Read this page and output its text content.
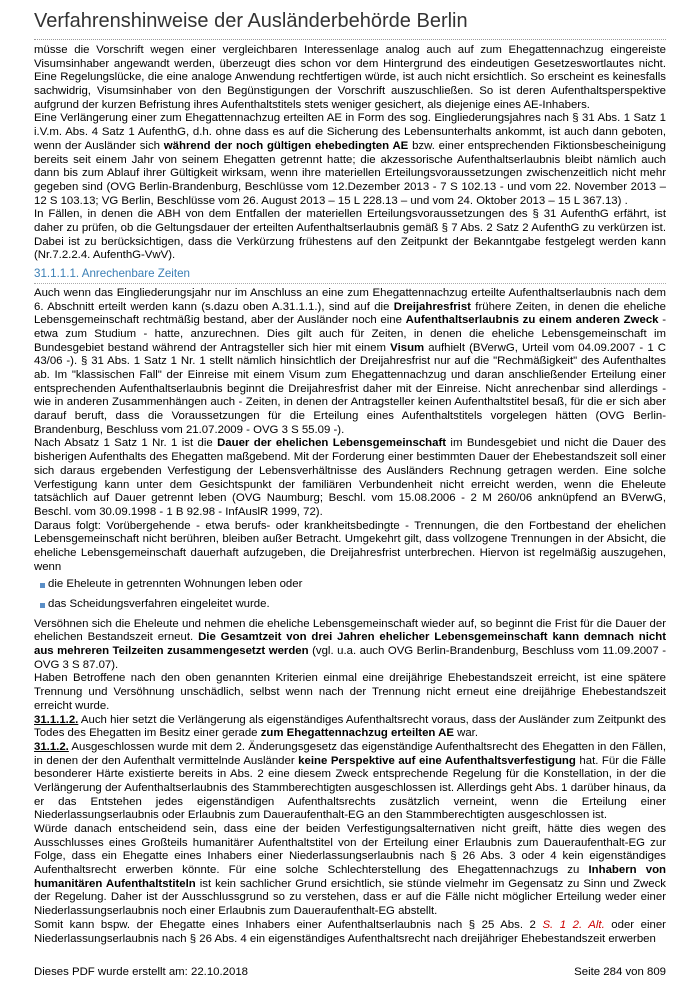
Verfahrenshinweise der Ausländerbehörde Berlin

müsse die Vorschrift wegen einer vergleichbaren Interessenlage analog auch auf zum Ehegattennachzug eingereiste Visumsinhaber angewandt werden, überzeugt dies schon vor dem Hintergrund des eindeutigen Gesetzeswortlautes nicht. Eine Regelungslücke, die eine analoge Anwendung rechtfertigen würde, ist auch nicht ersichtlich. So erscheint es keinesfalls sachwidrig, Visumsinhaber von den Begünstigungen der Vorschrift auszuschließen. So ist deren Aufenthaltsperspektive aufgrund der kurzen Befristung ihres Aufenthaltstitels stets weniger gesichert, als diejenige eines AE-Inhabers.

Eine Verlängerung einer zum Ehegattennachzug erteilten AE in Form des sog. Eingliederungsjahres nach § 31 Abs. 1 Satz 1 i.V.m. Abs. 4 Satz 1 AufenthG, d.h. ohne dass es auf die Sicherung des Lebensunterhalts ankommt, ist auch dann geboten, wenn der Ausländer sich während der noch gültigen ehebedingten AE bzw. einer entsprechenden Fiktionsbescheinigung bereits seit einem Jahr von seinem Ehegatten getrennt hatte; die akzessorische Aufenthaltserlaubnis bleibt nämlich auch dann bis zum Ablauf ihrer Gültigkeit wirksam, wenn ihre materiellen Erteilungsvoraussetzungen zwischenzeitlich nicht mehr gegeben sind (OVG Berlin-Brandenburg, Beschlüsse vom 12.Dezember 2013 - 7 S 102.13 - und vom 22. November 2013 – 12 S 103.13; VG Berlin, Beschlüsse vom 26. August 2013 – 15 L 228.13 – und vom 24. Oktober 2013 – 15 L 367.13) .

In Fällen, in denen die ABH von dem Entfallen der materiellen Erteilungsvoraussetzungen des § 31 AufenthG erfährt, ist daher zu prüfen, ob die Geltungsdauer der erteilten Aufenthaltserlaubnis gemäß § 7 Abs. 2 Satz 2 AufenthG zu verkürzen ist. Dabei ist zu berücksichtigen, dass die Verkürzung frühestens auf den Zeitpunkt der Bekanntgabe festgelegt werden kann (Nr.7.2.2.4. AufenthG-VwV).

31.1.1.1. Anrechenbare Zeiten

Auch wenn das Eingliederungsjahr nur im Anschluss an eine zum Ehegattennachzug erteilte Aufenthaltserlaubnis nach dem 6. Abschnitt erteilt werden kann (s.dazu oben A.31.1.1.), sind auf die Dreijahresfrist frühere Zeiten, in denen die eheliche Lebensgemeinschaft rechtmäßig bestand, aber der Ausländer noch eine Aufenthaltserlaubnis zu einem anderen Zweck - etwa zum Studium - hatte, anzurechnen. Dies gilt auch für Zeiten, in denen die eheliche Lebensgemeinschaft im Bundesgebiet bestand während der Antragsteller sich hier mit einem Visum aufhielt (BVerwG, Urteil vom 04.09.2007 - 1 C 43/06 -). § 31 Abs. 1 Satz 1 Nr. 1 stellt nämlich hinsichtlich der Dreijahresfrist nur auf die "Rechmäßigkeit" des Aufenthaltes ab. Im "klassischen Fall" der Einreise mit einem Visum zum Ehegattennachzug und daran anschließender Erteilung einer entsprechenden Aufenthaltserlaubnis beginnt die Dreijahresfrist daher mit der Einreise. Nicht anrechenbar sind allerdings - wie in anderen Zusammenhängen auch - Zeiten, in denen der Antragsteller keinen Aufenthaltstitel besaß, für die er sich aber darauf beruft, dass die Voraussetzungen für die Erteilung eines Aufenthaltstitels vorgelegen hätten (OVG Berlin-Brandenburg, Beschluss vom 21.07.2009 - OVG 3 S 55.09 -).

Nach Absatz 1 Satz 1 Nr. 1 ist die Dauer der ehelichen Lebensgemeinschaft im Bundesgebiet und nicht die Dauer des bisherigen Aufenthalts des Ehegatten maßgebend. Mit der Forderung einer bestimmten Dauer der Ehebestandszeit soll einer sich daraus ergebenden Verfestigung der Lebensverhältnisse des Ausländers Rechnung getragen werden. Eine solche Verfestigung kann unter dem Gesichtspunkt der familiären Verbundenheit nicht erreicht werden, wenn die Eheleute tatsächlich auf Dauer getrennt leben (OVG Naumburg; Beschl. vom 15.08.2006 - 2 M 260/06 anknüpfend an BVerwG, Beschl. vom 30.09.1998 - 1 B 92.98 - InfAuslR 1999, 72).

Daraus folgt: Vorübergehende - etwa berufs- oder krankheitsbedingte - Trennungen, die den Fortbestand der ehelichen Lebensgemeinschaft nicht berühren, bleiben außer Betracht. Umgekehrt gilt, dass vollzogene Trennungen in der Absicht, die eheliche Lebensgemeinschaft dauerhaft aufzugeben, die Dreijahresfrist unterbrechen. Hiervon ist regelmäßig auszugehen, wenn

die Eheleute in getrennten Wohnungen leben oder
das Scheidungsverfahren eingeleitet wurde.

Versöhnen sich die Eheleute und nehmen die eheliche Lebensgemeinschaft wieder auf, so beginnt die Frist für die Dauer der ehelichen Bestandszeit erneut. Die Gesamtzeit von drei Jahren ehelicher Lebensgemeinschaft kann demnach nicht aus mehreren Teilzeiten zusammengesetzt werden (vgl. u.a. auch OVG Berlin-Brandenburg, Beschluss vom 11.09.2007 - OVG 3 S 87.07).

Haben Betroffene nach den oben genannten Kriterien einmal eine dreijährige Ehebestandszeit erreicht, ist eine spätere Trennung und Versöhnung unschädlich, selbst wenn nach der Trennung nicht erneut eine dreijährige Ehebestandszeit erreicht wurde.

31.1.1.2. Auch hier setzt die Verlängerung als eigenständiges Aufenthaltsrecht voraus, dass der Ausländer zum Zeitpunkt des Todes des Ehegatten im Besitz einer gerade zum Ehegattennachzug erteilten AE war.

31.1.2. Ausgeschlossen wurde mit dem 2. Änderungsgesetz das eigenständige Aufenthaltsrecht des Ehegatten in den Fällen, in denen der den Aufenthalt vermittelnde Ausländer keine Perspektive auf eine Aufenthaltsverfestigung hat. Für die Fälle besonderer Härte existierte bereits in Abs. 2 eine diesem Zweck entsprechende Regelung für die Konstellation, in der die Verlängerung der Aufenthaltserlaubnis des Stammberechtigten ausgeschlossen ist. Allerdings geht Abs. 1 darüber hinaus, da er das Entstehen jedes eigenständigen Aufenthaltsrechts zusätzlich verneint, wenn die Erteilung einer Niederlassungserlaubnis oder Erlaubnis zum Daueraufenthalt-EG an den Stammberechtigten ausgeschlossen ist.

Würde danach entscheidend sein, dass eine der beiden Verfestigungsalternativen nicht greift, hätte dies wegen des Ausschlusses eines Großteils humanitärer Aufenthaltstitel von der Erteilung einer Erlaubnis zum Daueraufenthalt-EG zur Folge, dass ein Ehegatte eines Inhabers einer Niederlassungserlaubnis nach § 26 Abs. 3 oder 4 kein eigenständiges Aufenthaltsrecht erwerben könnte. Für eine solche Schlechterstellung des Ehegattennachzugs zu Inhabern von humanitären Aufenthaltstiteln ist kein sachlicher Grund ersichtlich, sie stünde vielmehr im Gegensatz zu Sinn und Zweck der Regelung. Daher ist der Ausschlussgrund so zu verstehen, dass er auf die Fälle nicht möglicher Erteilung weder einer Niederlassungserlaubnis noch einer Erlaubnis zum Daueraufenthalt-EG abstellt.

Somit kann bspw. der Ehegatte eines Inhabers einer Aufenthaltserlaubnis nach § 25 Abs. 2 S. 1 2. Alt. oder einer Niederlassungserlaubnis nach § 26 Abs. 4 ein eigenständiges Aufenthaltsrecht nach dreijähriger Ehebestandszeit erwerben

Dieses PDF wurde erstellt am: 22.10.2018	Seite 284 von 809
